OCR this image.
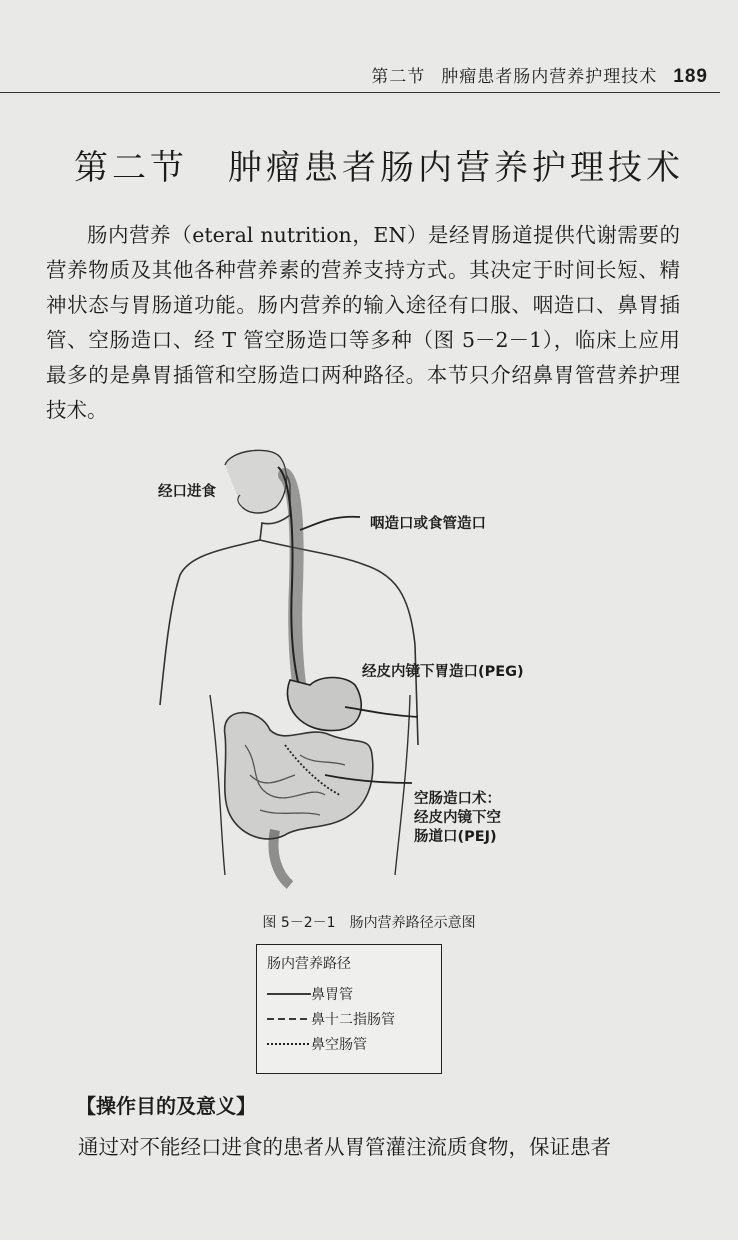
第二节 肿瘤患者肠内营养护理技术 189
第二节 肿瘤患者肠内营养护理技术
肠内营养（eteral nutrition，EN）是经胃肠道提供代谢需要的营养物质及其他各种营养素的营养支持方式。其决定于时间长短、精神状态与胃肠道功能。肠内营养的输入途径有口服、咽造口、鼻胃插管、空肠造口、经 T 管空肠造口等多种（图 5－2－1），临床上应用最多的是鼻胃插管和空肠造口两种路径。本节只介绍鼻胃管营养护理技术。
经口进食
咽造口或食管造口
经皮内镜下胃造口(PEG)
空肠造口术：
经皮内镜下空
肠道口(PEJ)
图 5－2－1　肠内营养路径示意图
肠内营养路径
鼻胃管
鼻十二指肠管
鼻空肠管
【操作目的及意义】
通过对不能经口进食的患者从胃管灌注流质食物，保证患者
